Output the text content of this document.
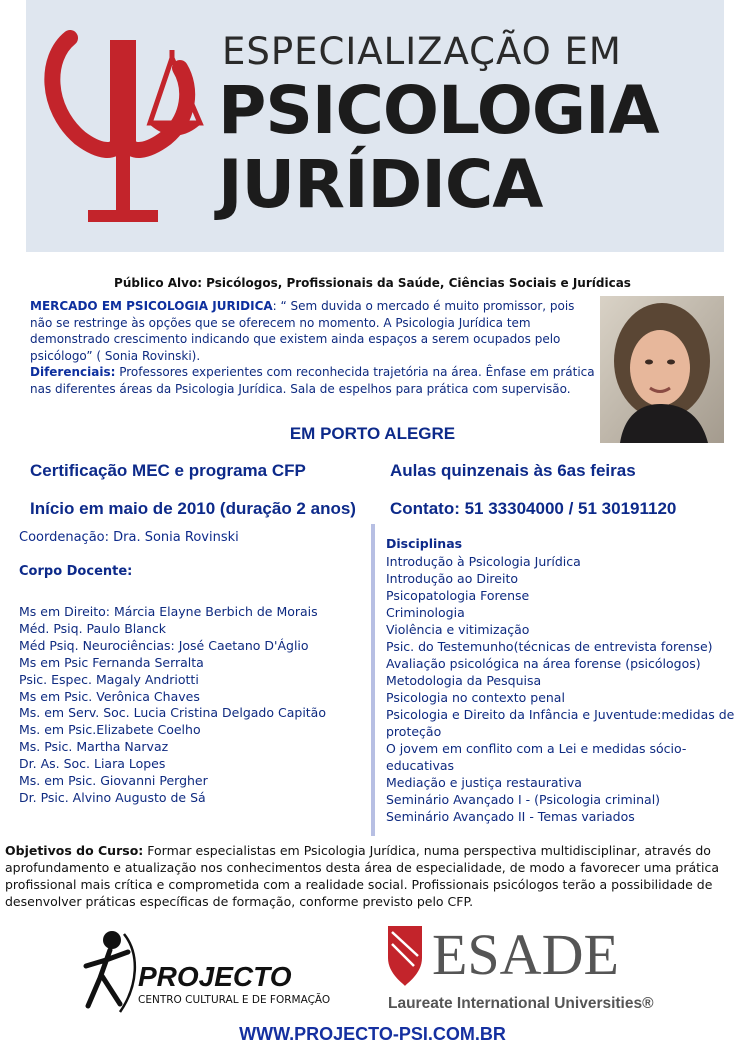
ESPECIALIZAÇÃO EM
PSICOLOGIA
JURÍDICA
Público Alvo: Psicólogos, Profissionais da Saúde, Ciências Sociais e Jurídicas
MERCADO EM PSICOLOGIA JURIDICA: “ Sem duvida o mercado é muito promissor, pois não se restringe às opções que se oferecem no momento. A Psicologia Jurídica tem demonstrado crescimento indicando que existem ainda espaços a serem ocupados pelo psicólogo” ( Sonia Rovinski).
Diferenciais: Professores experientes com reconhecida trajetória na área. Ênfase em prática nas diferentes áreas da Psicologia Jurídica. Sala de espelhos para prática com supervisão.
EM PORTO ALEGRE
Certificação MEC e programa CFP	Aulas quinzenais às 6as feiras
Início em maio de 2010 (duração 2 anos) Contato: 51 33304000 / 51 30191120
Coordenação: Dra. Sonia Rovinski
Corpo Docente:
Ms em Direito: Márcia Elayne Berbich de Morais
Méd. Psiq. Paulo Blanck
Méd Psiq. Neurociências: José Caetano D'Áglio
Ms em Psic Fernanda Serralta
Psic. Espec. Magaly Andriotti
Ms em Psic. Verônica Chaves
Ms. em Serv. Soc. Lucia Cristina Delgado Capitão
Ms. em Psic.Elizabete Coelho
Ms. Psic. Martha Narvaz
Dr. As. Soc. Liara Lopes
Ms. em Psic. Giovanni Pergher
Dr. Psic. Alvino Augusto de Sá
Disciplinas
Introdução à Psicologia Jurídica
Introdução ao Direito
Psicopatologia Forense
Criminologia
Violência e vitimização
Psic. do Testemunho(técnicas de entrevista forense)
Avaliação psicológica na área forense (psicólogos)
Metodologia da Pesquisa
Psicologia no contexto penal
Psicologia e Direito da Infância e Juventude:medidas de proteção
O jovem em conflito com a Lei e medidas sócio-educativas
Mediação e justiça restaurativa
Seminário Avançado I - (Psicologia criminal)
Seminário Avançado II - Temas variados
Objetivos do Curso: Formar especialistas em Psicologia Jurídica, numa perspectiva multidisciplinar, através do aprofundamento e atualização nos conhecimentos desta área de especialidade, de modo a favorecer uma prática profissional mais crítica e comprometida com a realidade social. Profissionais psicólogos terão a possibilidade de desenvolver práticas específicas de formação, conforme previsto pelo CFP.
PROJECTO
CENTRO CULTURAL E DE FORMAÇÃO
ESADE
Laureate International Universities®
WWW.PROJECTO-PSI.COM.BR
